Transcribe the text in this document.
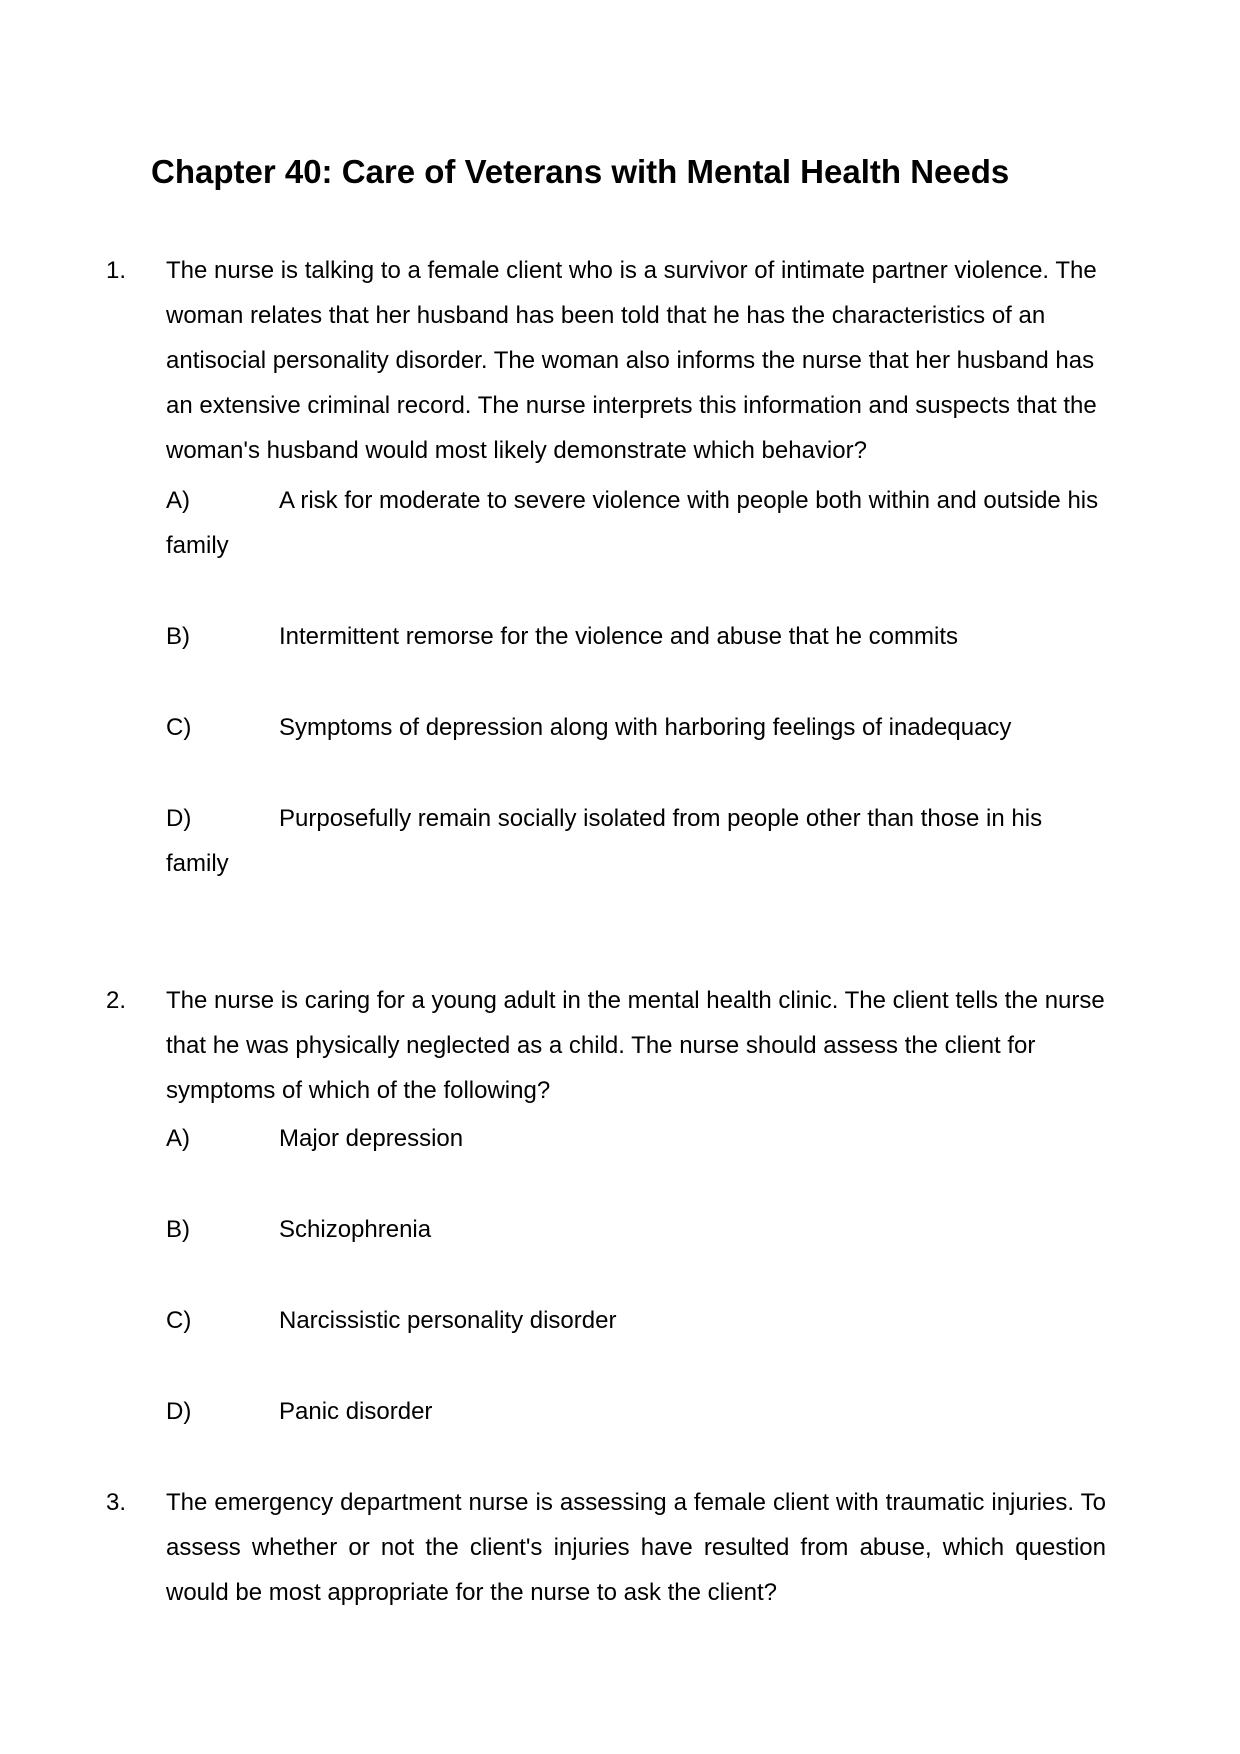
Chapter 40: Care of Veterans with Mental Health Needs
1. The nurse is talking to a female client who is a survivor of intimate partner violence. The woman relates that her husband has been told that he has the characteristics of an antisocial personality disorder. The woman also informs the nurse that her husband has an extensive criminal record. The nurse interprets this information and suspects that the woman's husband would most likely demonstrate which behavior?

A)	A risk for moderate to severe violence with people both within and outside his family
B)	Intermittent remorse for the violence and abuse that he commits
C)	Symptoms of depression along with harboring feelings of inadequacy
D)	Purposefully remain socially isolated from people other than those in his family
2. The nurse is caring for a young adult in the mental health clinic. The client tells the nurse that he was physically neglected as a child. The nurse should assess the client for symptoms of which of the following?

A)	Major depression
B)	Schizophrenia
C)	Narcissistic personality disorder
D)	Panic disorder
3. The emergency department nurse is assessing a female client with traumatic injuries. To assess whether or not the client's injuries have resulted from abuse, which question would be most appropriate for the nurse to ask the client?
